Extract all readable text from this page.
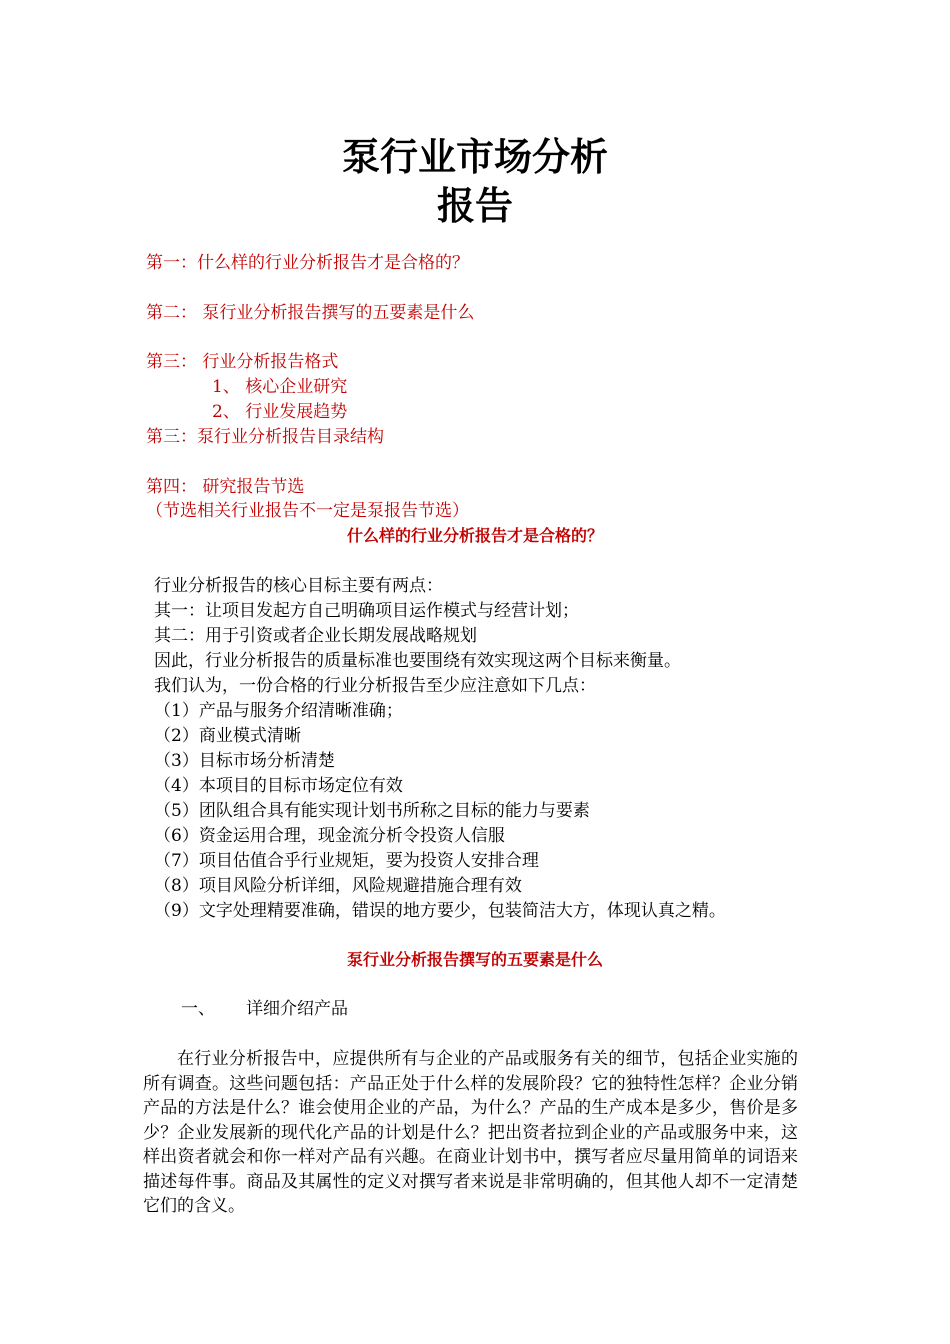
泵行业市场分析
报告
第一：什么样的行业分析报告才是合格的？
第二： 泵行业分析报告撰写的五要素是什么
第三： 行业分析报告格式
1、 核心企业研究
2、 行业发展趋势
第三：泵行业分析报告目录结构
第四： 研究报告节选
（节选相关行业报告不一定是泵报告节选）
什么样的行业分析报告才是合格的？
行业分析报告的核心目标主要有两点：
其一：让项目发起方自己明确项目运作模式与经营计划；
其二：用于引资或者企业长期发展战略规划
因此，行业分析报告的质量标准也要围绕有效实现这两个目标来衡量。
我们认为，一份合格的行业分析报告至少应注意如下几点：
（1）产品与服务介绍清晰准确；
（2）商业模式清晰
（3）目标市场分析清楚
（4）本项目的目标市场定位有效
（5）团队组合具有能实现计划书所称之目标的能力与要素
（6）资金运用合理，现金流分析令投资人信服
（7）项目估值合乎行业规矩，要为投资人安排合理
（8）项目风险分析详细，风险规避措施合理有效
（9）文字处理精要准确，错误的地方要少，包装简洁大方，体现认真之精。
泵行业分析报告撰写的五要素是什么
一、 详细介绍产品
在行业分析报告中，应提供所有与企业的产品或服务有关的细节，包括企业实施的所有调查。这些问题包括：产品正处于什么样的发展阶段？它的独特性怎样？企业分销产品的方法是什么？谁会使用企业的产品，为什么？产品的生产成本是多少，售价是多少？企业发展新的现代化产品的计划是什么？把出资者拉到企业的产品或服务中来，这样出资者就会和你一样对产品有兴趣。在商业计划书中，撰写者应尽量用简单的词语来描述每件事。商品及其属性的定义对撰写者来说是非常明确的，但其他人却不一定清楚它们的含义。
